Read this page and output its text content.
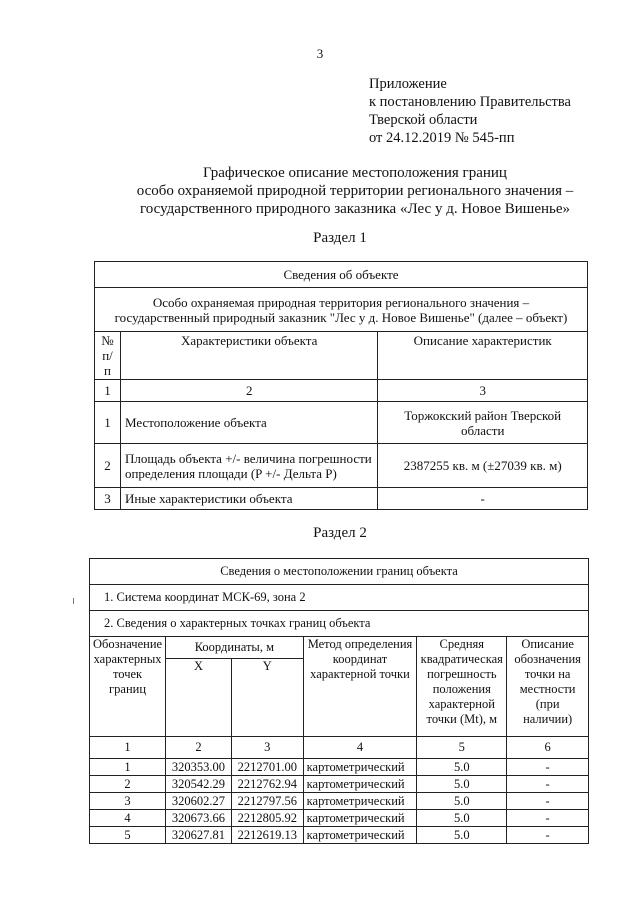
3
Приложение
к постановлению Правительства
Тверской области
от 24.12.2019 № 545-пп
Графическое описание местоположения границ
особо охраняемой природной территории регионального значения –
государственного природного заказника «Лес у д. Новое Вишенье»
Раздел 1
Сведения об объекте		

Особо охраняемая природная территория регионального значения –
государственный природный заказник "Лес у д. Новое Вишенье" (далее – объект)		

№ п/п	Характеристики объекта	Описание характеристик
1	2	3
1	Местоположение объекта	Торжокский район Тверской области
2	Площадь объекта +/- величина погрешности определения площади (P +/- Дельта P)	2387255 кв. м (±27039 кв. м)
3	Иные характеристики объекта	-
Раздел 2
Сведения о местоположении границ объекта					
1. Система координат МСК-69, зона 2					
2. Сведения о характерных точках границ объекта					
Обозначение характерных точек границ	Координаты, м		Метод определения координат характерной точки	Средняя квадратическая погрешность положения характерной точки (Mt), м	Описание обозначения точки на местности (при наличии)
	X	Y			
1	2	3	4	5	6
1	320353.00	2212701.00	картометрический	5.0	-
2	320542.29	2212762.94	картометрический	5.0	-
3	320602.27	2212797.56	картометрический	5.0	-
4	320673.66	2212805.92	картометрический	5.0	-
5	320627.81	2212619.13	картометрический	5.0	-
